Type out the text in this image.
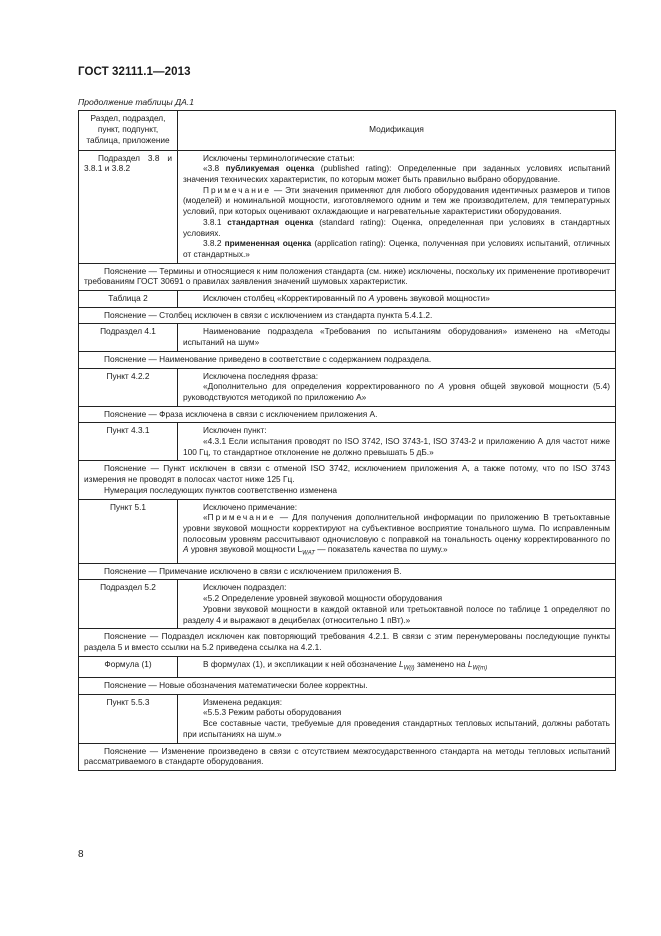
ГОСТ 32111.1—2013
Продолжение таблицы ДА.1
Раздел, подраздел, пункт, подпункт, таблица, приложение	Модификация
Подраздел 3.8 и 3.8.1 и 3.8.2	Исключены терминологические статьи:
«3.8 публикуемая оценка (published rating): Определенные при заданных условиях испытаний значения технических характеристик, по которым может быть правильно выбрано оборудование.
Примечание — Эти значения применяют для любого оборудования идентичных размеров и типов (моделей) и номинальной мощности, изготовляемого одним и тем же производителем, для температурных условий, при которых оценивают охлаждающие и нагревательные характеристики оборудования.
3.8.1 стандартная оценка (standard rating): Оценка, определенная при условиях в стандартных условиях.
3.8.2 примененная оценка (application rating): Оценка, полученная при условиях испытаний, отличных от стандартных.»

Пояснение — Термины и относящиеся к ним положения стандарта (см. ниже) исключены, поскольку их применение противоречит требованиям ГОСТ 30691 о правилах заявления значений шумовых характеристик.	
Таблица 2	Исключен столбец «Корректированный по А уровень звуковой мощности»
Пояснение — Столбец исключен в связи с исключением из стандарта пункта 5.4.1.2.	
Подраздел 4.1	Наименование подраздела «Требования по испытаниям оборудования» изменено на «Методы испытаний на шум»
Пояснение — Наименование приведено в соответствие с содержанием подраздела.	
Пункт 4.2.2	Исключена последняя фраза:
«Дополнительно для определения корректированного по А уровня общей звуковой мощности (5.4) руководствуются методикой по приложению А»

Пояснение — Фраза исключена в связи с исключением приложения А.	
Пункт 4.3.1	Исключен пункт:
«4.3.1 Если испытания проводят по ISO 3742, ISO 3743-1, ISO 3743-2 и приложению А для частот ниже 100 Гц, то стандартное отклонение не должно превышать 5 дБ.»

Пояснение — Пункт исключен в связи с отменой ISO 3742, исключением приложения А, а также потому, что по ISO 3743 измерения не проводят в полосах частот ниже 125 Гц.
Нумерация последующих пунктов соответственно изменена	

Пункт 5.1	Исключено примечание:
«Примечание — Для получения дополнительной информации по приложению В третьоктавные уровни звуковой мощности корректируют на субъективное восприятие тонального шума. По исправленным полосовым уровням рассчитывают одночисловую с поправкой на тональность оценку корректированного по А уровня звуковой мощности $L_{WAT}$ — показатель качества по шуму.»

Пояснение — Примечание исключено в связи с исключением приложения В.	
Подраздел 5.2	Исключен подраздел:
«5.2 Определение уровней звуковой мощности оборудования
Уровни звуковой мощности в каждой октавной или третьоктавной полосе по таблице 1 определяют по разделу 4 и выражают в децибелах (относительно 1 пВт).»

Пояснение — Подраздел исключен как повторяющий требования 4.2.1. В связи с этим перенумерованы последующие пункты раздела 5 и вместо ссылки на 5.2 приведена ссылка на 4.2.1.	
Формула (1)	В формулах (1), и экспликации к ней обозначение $L_{W(i)}$ заменено на $L_{W(m)}$
Пояснение — Новые обозначения математически более корректны.	
Пункт 5.5.3	Изменена редакция:
«5.5.3 Режим работы оборудования
Все составные части, требуемые для проведения стандартных тепловых испытаний, должны работать при испытаниях на шум.»

Пояснение — Изменение произведено в связи с отсутствием межгосударственного стандарта на методы тепловых испытаний рассматриваемого в стандарте оборудования.	
8
